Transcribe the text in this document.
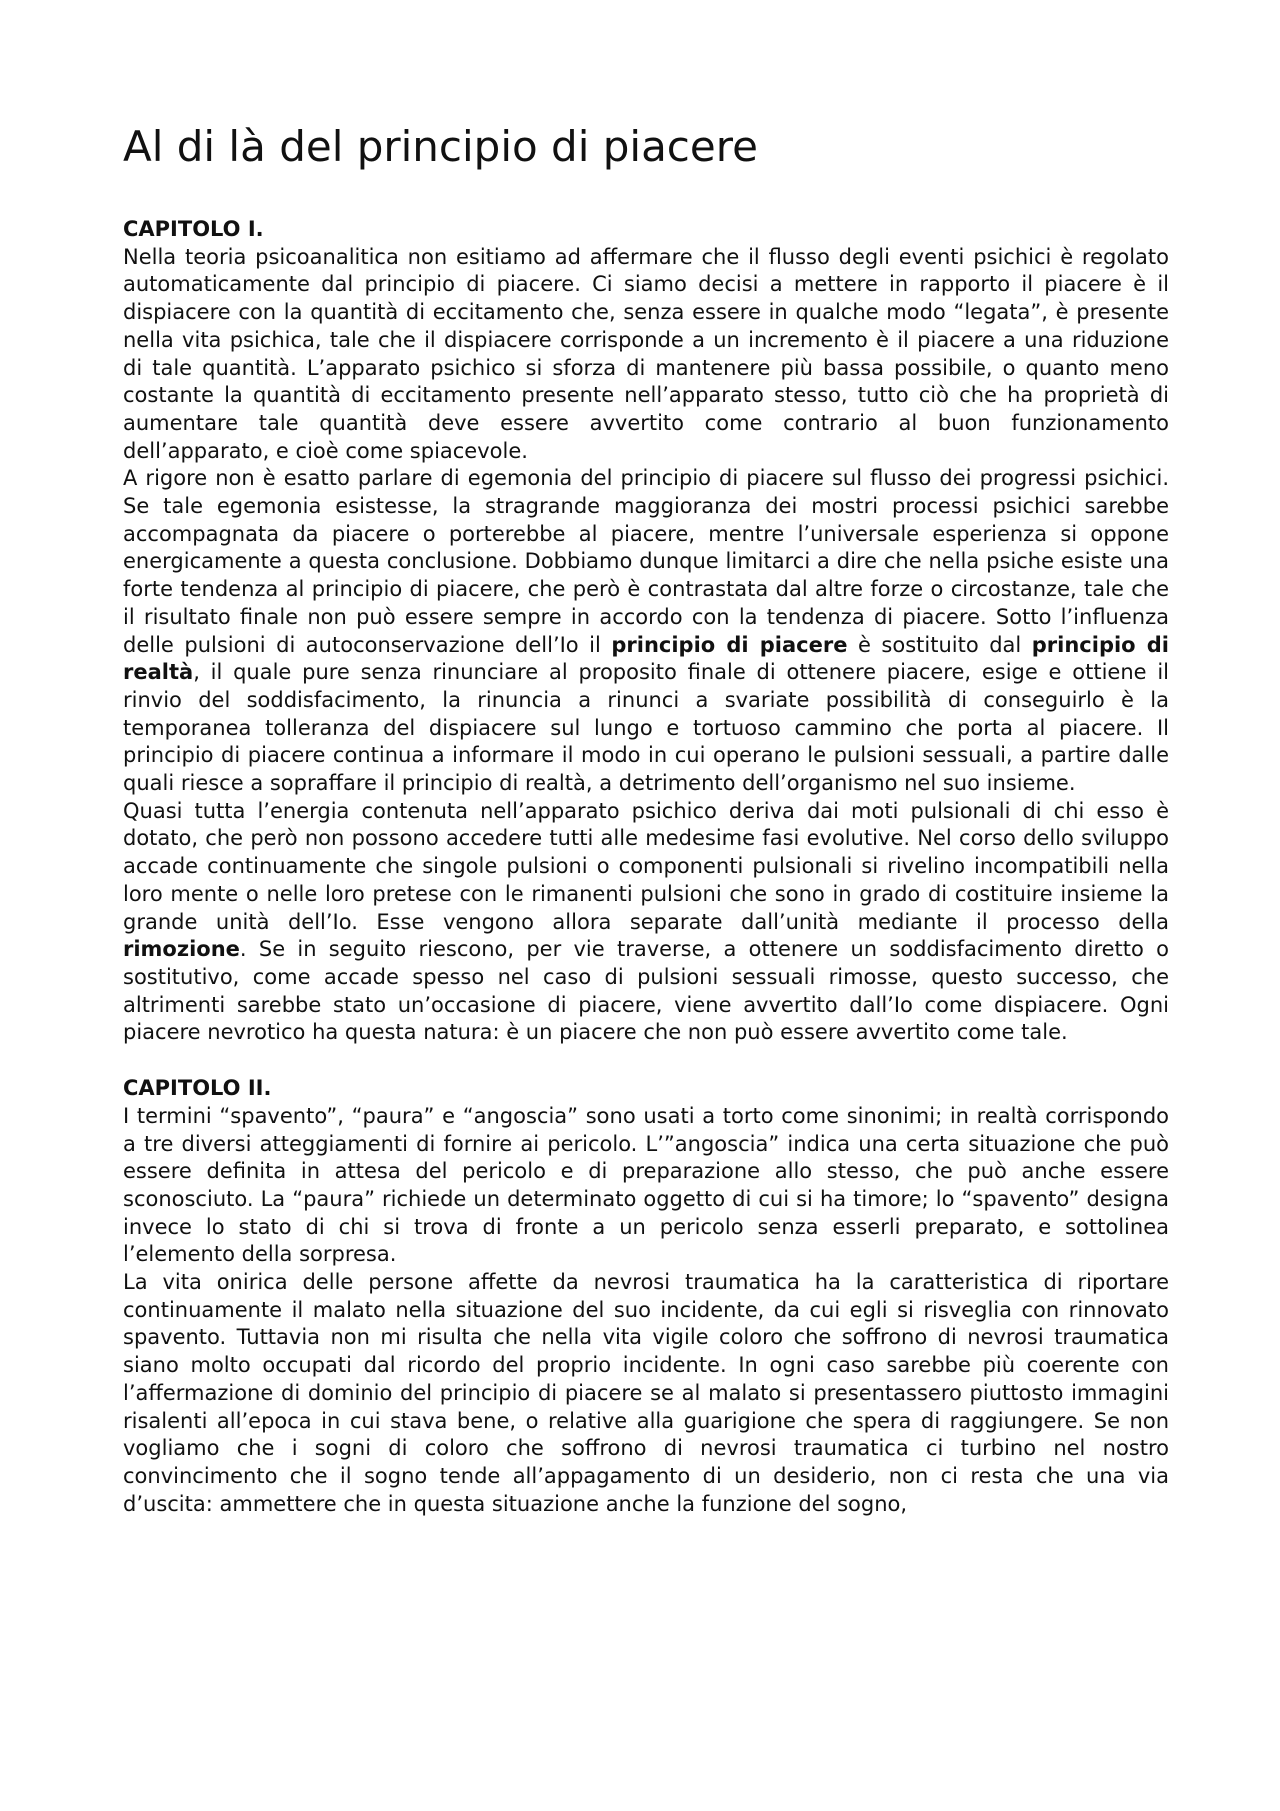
Al di là del principio di piacere
CAPITOLO I.

Nella teoria psicoanalitica non esitiamo ad affermare che il flusso degli eventi psichici è regolato automaticamente dal principio di piacere. Ci siamo decisi a mettere in rapporto il piacere è il dispiacere con la quantità di eccitamento che, senza essere in qualche modo “legata”, è presente nella vita psichica, tale che il dispiacere corrisponde a un incremento è il piacere a una riduzione di tale quantità. L’apparato psichico si sforza di mantenere più bassa possibile, o quanto meno costante la quantità di eccitamento presente nell’apparato stesso, tutto ciò che ha proprietà di aumentare tale quantità deve essere avvertito come contrario al buon funzionamento dell’apparato, e cioè come spiacevole.

A rigore non è esatto parlare di egemonia del principio di piacere sul flusso dei progressi psichici. Se tale egemonia esistesse, la stragrande maggioranza dei mostri processi psichici sarebbe accompagnata da piacere o porterebbe al piacere, mentre l’universale esperienza si oppone energicamente a questa conclusione. Dobbiamo dunque limitarci a dire che nella psiche esiste una forte tendenza al principio di piacere, che però è contrastata dal altre forze o circostanze, tale che il risultato finale non può essere sempre in accordo con la tendenza di piacere. Sotto l’influenza delle pulsioni di autoconservazione dell’Io il principio di piacere è sostituito dal principio di realtà, il quale pure senza rinunciare al proposito finale di ottenere piacere, esige e ottiene il rinvio del soddisfacimento, la rinuncia a rinunci a svariate possibilità di conseguirlo è la temporanea tolleranza del dispiacere sul lungo e tortuoso cammino che porta al piacere. Il principio di piacere continua a informare il modo in cui operano le pulsioni sessuali, a partire dalle quali riesce a sopraffare il principio di realtà, a detrimento dell’organismo nel suo insieme.

Quasi tutta l’energia contenuta nell’apparato psichico deriva dai moti pulsionali di chi esso è dotato, che però non possono accedere tutti alle medesime fasi evolutive. Nel corso dello sviluppo accade continuamente che singole pulsioni o componenti pulsionali si rivelino incompatibili nella loro mente o nelle loro pretese con le rimanenti pulsioni che sono in grado di costituire insieme la grande unità dell’Io. Esse vengono allora separate dall’unità mediante il processo della rimozione. Se in seguito riescono, per vie traverse, a ottenere un soddisfacimento diretto o sostitutivo, come accade spesso nel caso di pulsioni sessuali rimosse, questo successo, che altrimenti sarebbe stato un’occasione di piacere, viene avvertito dall’Io come dispiacere. Ogni piacere nevrotico ha questa natura: è un piacere che non può essere avvertito come tale.

CAPITOLO II.

I termini “spavento”, “paura” e “angoscia” sono usati a torto come sinonimi; in realtà corrispondo a tre diversi atteggiamenti di fornire ai pericolo. L’”angoscia” indica una certa situazione che può essere definita in attesa del pericolo e di preparazione allo stesso, che può anche essere sconosciuto. La “paura” richiede un determinato oggetto di cui si ha timore; lo “spavento” designa invece lo stato di chi si trova di fronte a un pericolo senza esserli preparato, e sottolinea l’elemento della sorpresa.

La vita onirica delle persone affette da nevrosi traumatica ha la caratteristica di riportare continuamente il malato nella situazione del suo incidente, da cui egli si risveglia con rinnovato spavento. Tuttavia non mi risulta che nella vita vigile coloro che soffrono di nevrosi traumatica siano molto occupati dal ricordo del proprio incidente. In ogni caso sarebbe più coerente con l’affermazione di dominio del principio di piacere se al malato si presentassero piuttosto immagini risalenti all’epoca in cui stava bene, o relative alla guarigione che spera di raggiungere. Se non vogliamo che i sogni di coloro che soffrono di nevrosi traumatica ci turbino nel nostro convincimento che il sogno tende all’appagamento di un desiderio, non ci resta che una via d’uscita: ammettere che in questa situazione anche la funzione del sogno,
